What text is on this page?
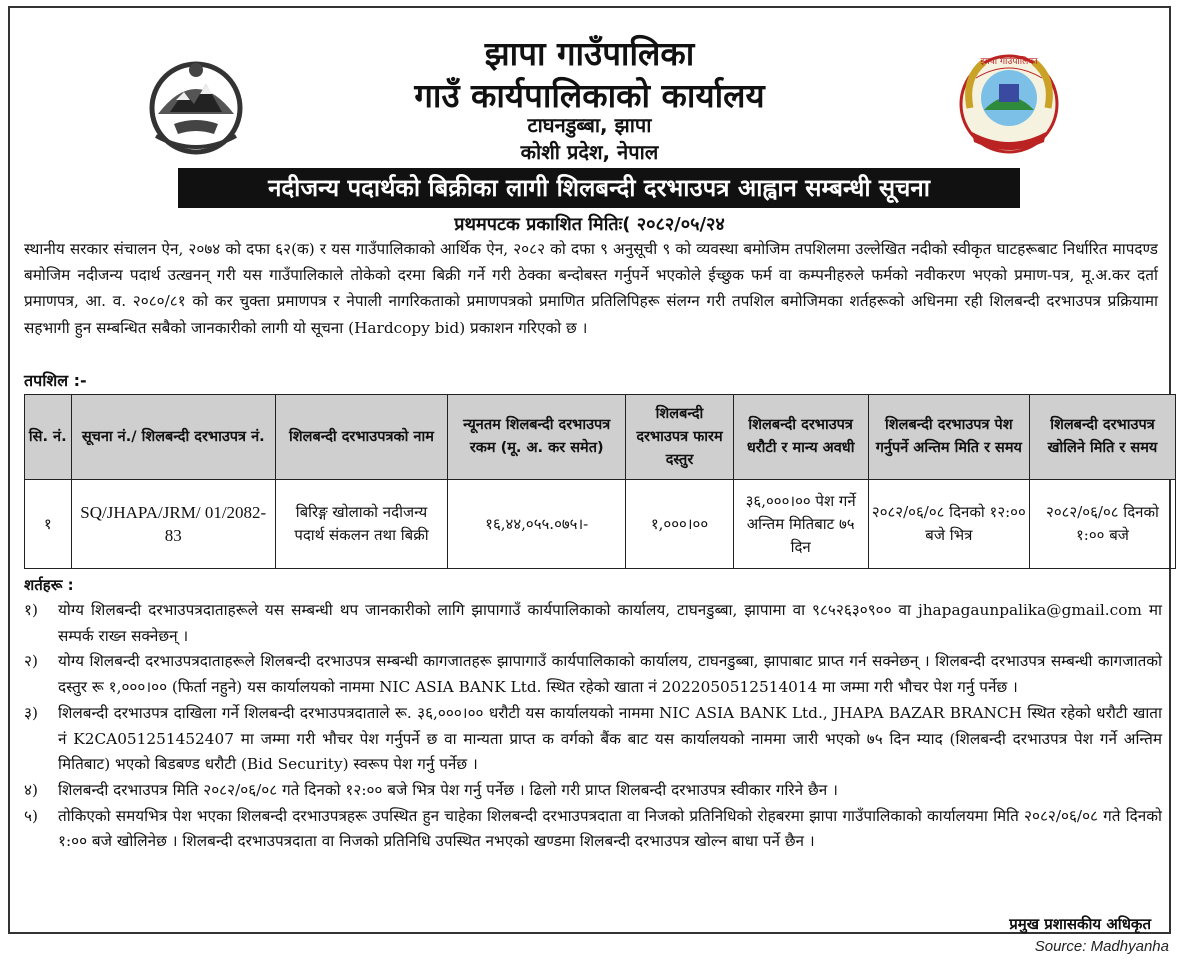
झापा गाउँपालिका
झापा गाउँपालिका
गाउँ कार्यपालिकाको कार्यालय
टाघनडुब्बा, झापा
कोशी प्रदेश, नेपाल
नदीजन्य पदार्थको बिक्रीका लागी शिलबन्दी दरभाउपत्र आह्वान सम्बन्धी सूचना
प्रथमपटक प्रकाशित मितिः( २०८२/०५/२४
स्थानीय सरकार संचालन ऐन, २०७४ को दफा ६२(क) र यस गाउँपालिकाको आर्थिक ऐन, २०८२ को दफा ९ अनुसूची ९ को व्यवस्था बमोजिम तपशिलमा उल्लेखित नदीको स्वीकृत घाटहरूबाट निर्धारित मापदण्ड बमोजिम नदीजन्य पदार्थ उत्खनन् गरी यस गाउँपालिकाले तोकेको दरमा बिक्री गर्ने गरी ठेक्का बन्दोबस्त गर्नुपर्ने भएकोले ईच्छुक फर्म वा कम्पनीहरुले फर्मको नवीकरण भएको प्रमाण-पत्र, मू.अ.कर दर्ता प्रमाणपत्र, आ. व. २०८०/८१ को कर चुक्ता प्रमाणपत्र र नेपाली नागरिकताको प्रमाणपत्रको प्रमाणित प्रतिलिपिहरू संलग्न गरी तपशिल बमोजिमका शर्तहरूको अधिनमा रही शिलबन्दी दरभाउपत्र प्रक्रियामा सहभागी हुन सम्बन्धित सबैको जानकारीको लागी यो सूचना (Hardcopy bid) प्रकाशन गरिएको छ ।
तपशिल :-
सि. नं.	सूचना नं./ शिलबन्दी दरभाउपत्र नं.	शिलबन्दी दरभाउपत्रको नाम	न्यूनतम शिलबन्दी दरभाउपत्र रकम (मू. अ. कर समेत)	शिलबन्दी दरभाउपत्र फारम दस्तुर	शिलबन्दी दरभाउपत्र धरौटी र मान्य अवधी	शिलबन्दी दरभाउपत्र पेश गर्नुपर्ने अन्तिम मिति र समय	शिलबन्दी दरभाउपत्र खोलिने मिति र समय
१	SQ/JHAPA/JRM/ 01/2082-83	बिरिङ्ग खोलाको नदीजन्य पदार्थ संकलन तथा बिक्री	१६,४४,०५५.०७५।-	१,०००।००	३६,०००।०० पेश गर्ने अन्तिम मितिबाट ७५ दिन	२०८२/०६/०८ दिनको १२:०० बजे भित्र	२०८२/०६/०८ दिनको १:०० बजे
शर्तहरू :
१)	योग्य शिलबन्दी दरभाउपत्रदाताहरूले यस सम्बन्धी थप जानकारीको लागि झापागाउँ कार्यपालिकाको कार्यालय, टाघनडुब्बा, झापामा वा ९८५२६३०९०० वा jhapagaunpalika@gmail.com मा सम्पर्क राख्न सक्नेछन् ।
२)	योग्य शिलबन्दी दरभाउपत्रदाताहरूले शिलबन्दी दरभाउपत्र सम्बन्धी कागजातहरू झापागाउँ कार्यपालिकाको कार्यालय, टाघनडुब्बा, झापाबाट प्राप्त गर्न सक्नेछन् । शिलबन्दी दरभाउपत्र सम्बन्धी कागजातको दस्तुर रू १,०००।०० (फिर्ता नहुने) यस कार्यालयको नाममा NIC ASIA BANK Ltd. स्थित रहेको खाता नं 2022050512514014 मा जम्मा गरी भौचर पेश गर्नु पर्नेछ ।
३)	शिलबन्दी दरभाउपत्र दाखिला गर्ने शिलबन्दी दरभाउपत्रदाताले रू. ३६,०००।०० धरौटी यस कार्यालयको नाममा NIC ASIA BANK Ltd., JHAPA BAZAR BRANCH स्थित रहेको धरौटी खाता नं K2CA051251452407 मा जम्मा गरी भौचर पेश गर्नुपर्ने छ वा मान्यता प्राप्त क वर्गको बैंक बाट यस कार्यालयको नाममा जारी भएको ७५ दिन म्याद (शिलबन्दी दरभाउपत्र पेश गर्ने अन्तिम मितिबाट) भएको बिडबण्ड धरौटी (Bid Security) स्वरूप पेश गर्नु पर्नेछ ।
४)	शिलबन्दी दरभाउपत्र मिति २०८२/०६/०८ गते दिनको १२:०० बजे भित्र पेश गर्नु पर्नेछ । ढिलो गरी प्राप्त शिलबन्दी दरभाउपत्र स्वीकार गरिने छैन ।
५)	तोकिएको समयभित्र पेश भएका शिलबन्दी दरभाउपत्रहरू उपस्थित हुन चाहेका शिलबन्दी दरभाउपत्रदाता वा निजको प्रतिनिधिको रोहबरमा झापा गाउँपालिकाको कार्यालयमा मिति २०८२/०६/०८ गते दिनको १:०० बजे खोलिनेछ । शिलबन्दी दरभाउपत्रदाता वा निजको प्रतिनिधि उपस्थित नभएको खण्डमा शिलबन्दी दरभाउपत्र खोल्न बाधा पर्ने छैन ।
प्रमुख प्रशासकीय अधिकृत
Source: Madhyanha
